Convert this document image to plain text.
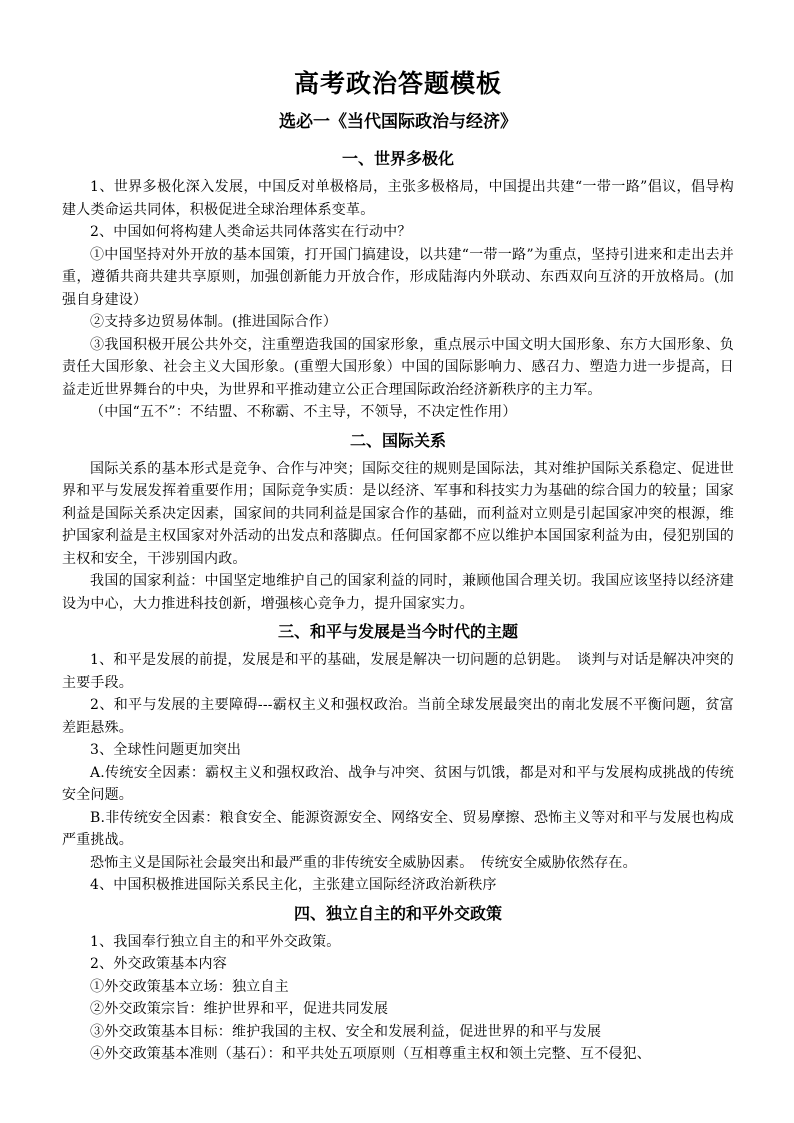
高考政治答题模板
选必一《当代国际政治与经济》
一、世界多极化

1、世界多极化深入发展，中国反对单极格局，主张多极格局，中国提出共建“一带一路”倡议，倡导构建人类命运共同体，积极促进全球治理体系变革。

2、中国如何将构建人类命运共同体落实在行动中？

①中国坚持对外开放的基本国策，打开国门搞建设，以共建“一带一路”为重点，坚持引进来和走出去并重，遵循共商共建共享原则，加强创新能力开放合作，形成陆海内外联动、东西双向互济的开放格局。(加强自身建设）

②支持多边贸易体制。(推进国际合作）

③我国积极开展公共外交，注重塑造我国的国家形象，重点展示中国文明大国形象、东方大国形象、负责任大国形象、社会主义大国形象。(重塑大国形象）中国的国际影响力、感召力、塑造力进一步提高，日益走近世界舞台的中央，为世界和平推动建立公正合理国际政治经济新秩序的主力军。

（中国“五不”：不结盟、不称霸、不主导，不领导，不决定性作用）

二、国际关系

国际关系的基本形式是竞争、合作与冲突；国际交往的规则是国际法，其对维护国际关系稳定、促进世界和平与发展发挥着重要作用；国际竞争实质：是以经济、军事和科技实力为基础的综合国力的较量；国家利益是国际关系决定因素，国家间的共同利益是国家合作的基础，而利益对立则是引起国家冲突的根源，维护国家利益是主权国家对外活动的出发点和落脚点。任何国家都不应以维护本国国家利益为由，侵犯别国的主权和安全，干涉别国内政。

我国的国家利益：中国坚定地维护自己的国家利益的同时，兼顾他国合理关切。我国应该坚持以经济建设为中心，大力推进科技创新，增强核心竞争力，提升国家实力。

三、和平与发展是当今时代的主题

1、和平是发展的前提，发展是和平的基础，发展是解决一切问题的总钥匙。　谈判与对话是解决冲突的主要手段。

2、和平与发展的主要障碍---霸权主义和强权政治。当前全球发展最突出的南北发展不平衡问题，贫富差距悬殊。

3、全球性问题更加突出

A.传统安全因素：霸权主义和强权政治、战争与冲突、贫困与饥饿，都是对和平与发展构成挑战的传统安全问题。

B.非传统安全因素：粮食安全、能源资源安全、网络安全、贸易摩擦、恐怖主义等对和平与发展也构成严重挑战。

恐怖主义是国际社会最突出和最严重的非传统安全威胁因素。　传统安全威胁依然存在。

4、中国积极推进国际关系民主化，主张建立国际经济政治新秩序

四、独立自主的和平外交政策

1、我国奉行独立自主的和平外交政策。

2、外交政策基本内容

①外交政策基本立场：独立自主

②外交政策宗旨：维护世界和平，促进共同发展

③外交政策基本目标：维护我国的主权、安全和发展利益，促进世界的和平与发展

④外交政策基本准则（基石）：和平共处五项原则（互相尊重主权和领土完整、互不侵犯、
